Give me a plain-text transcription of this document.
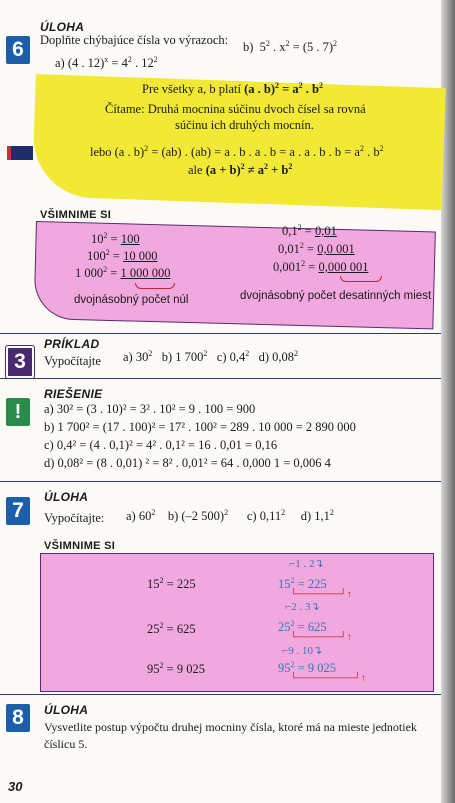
6
ÚLOHA
Doplňte chýbajúce čísla vo výrazoch:
a) (4 . $12)^x = 4^2$ . $12^2$
b) $5^2$ . $x^2 = (5$ . 7)$^2$
Pre všetky a, b platí (a . $b)^2 = a^2$ . $b^2$
Čítame: Druhá mocnina súčinu dvoch čísel sa rovná
súčinu ich druhých mocnín.
lebo (a . b)$^2$ = (ab) . (ab) = a . b . a . b = a . a . b . $b = a^2$ . $b^2$
ale $(a + b)^2 \ne a^2 + b^2$
VŠIMNIME SI
$10^2 = 100$
$100^2 = 10$ 000
1 $000^2 = 1$ 000 000
dvojnásobný počet núl
$0,1^2 = 0,01$
$0,01^2 = 0,0$ 001
$0,001^2 = 0,000$ 001
dvojnásobný počet desatinných miest
3
PRÍKLAD
Vypočítajte a) $30^2$ b) 1 $700^2$ c) $0,4^2$ d) 0,08$^2$
!
RIEŠENIE
a) 30² = (3 . 10)² = 3² . 10² = 9 . 100 = 900
b) 1 700² = (17 . 100)² = 17² . 100² = 289 . 10 000 = 2 890 000
c) 0,4² = (4 . 0,1)² = 4² . 0,1² = 16 . 0,01 = 0,16
d) 0,08² = (8 . 0,01) ² = 8² . 0,01² = 64 . 0,000 1 = 0,006 4
7
ÚLOHA
Vypočítajte: a) $60^2$ b) (–2 500)$^2$ c) 0,11$^2$ d) $1,1^2$
VŠIMNIME SI
$15^2 = 225$
$25^2 = 625$
$95^2 = 9$ 025
⌐1 . 2↴
$15^2 = 225$
└──────┘↑
⌐2 . 3↴
$25^2 = 625$
└──────┘↑
⌐9 . 10↴
$95^2 = 9$ 025
└────────┘↑
8	ÚLOHA
Vysvetlite postup výpočtu druhej mocniny čísla, ktoré má na mieste jednotiek
číslicu 5.
30
